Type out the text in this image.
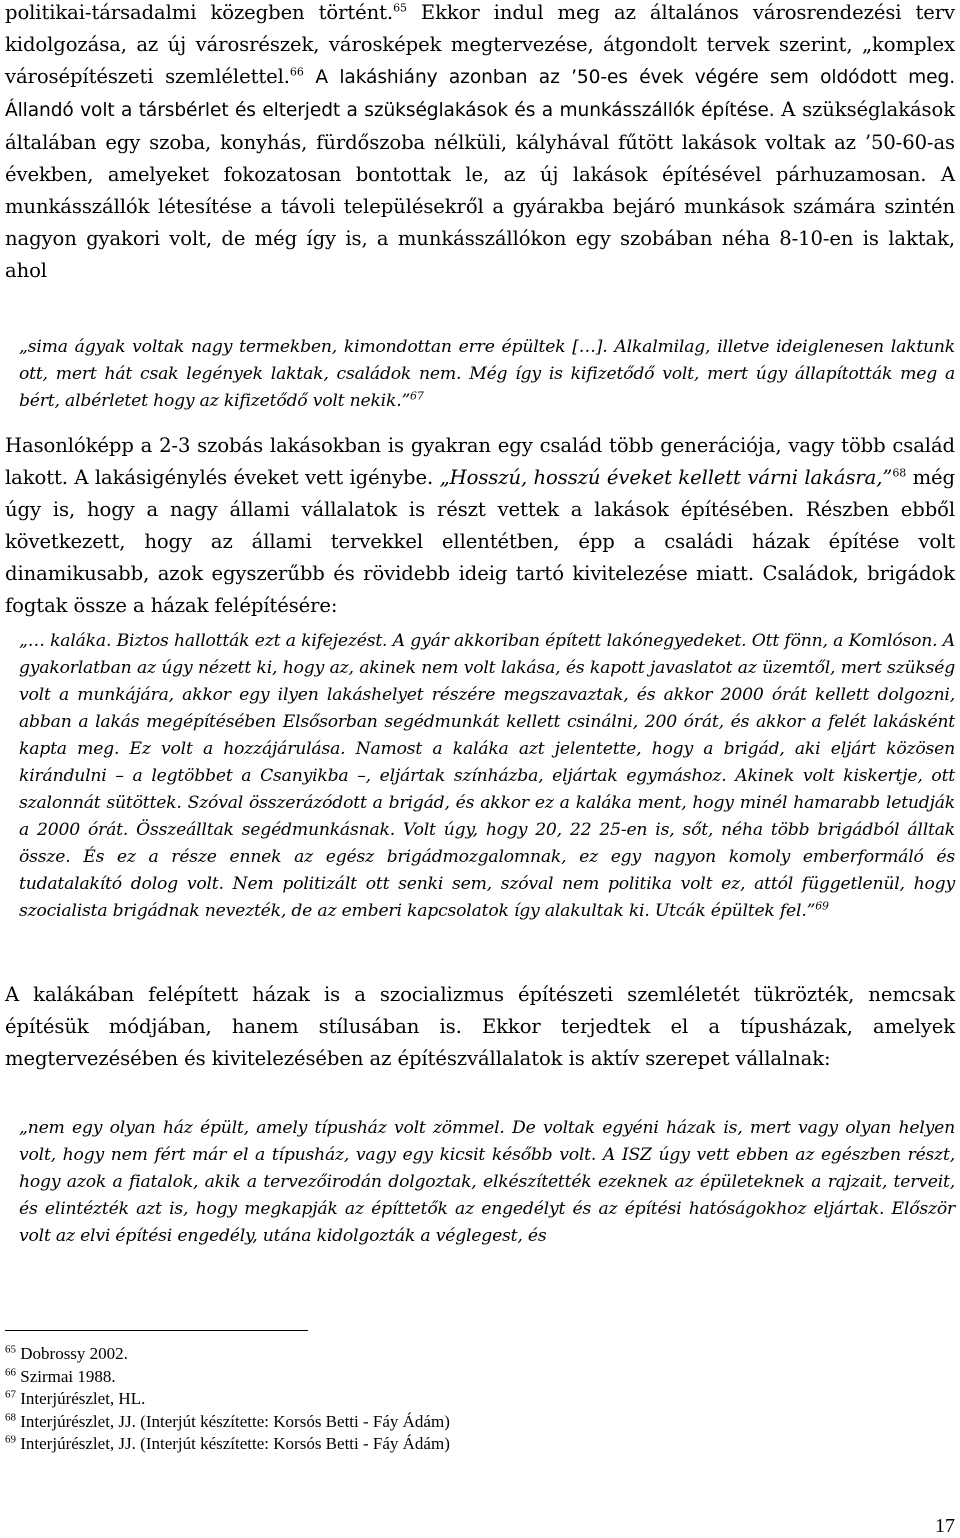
politikai-társadalmi közegben történt.$^{65}$ Ekkor indul meg az általános városrendezési terv kidolgozása, az új városrészek, városképek megtervezése, átgondolt tervek szerint, „komplex városépítészeti szemlélettel.$^{66}$ A lakáshiány azonban az ’50-es évek végére sem oldódott meg. Állandó volt a társbérlet és elterjedt a szükséglakások és a munkásszállók építése. A szükséglakások általában egy szoba, konyhás, fürdőszoba nélküli, kályhával fűtött lakások voltak az ’50-60-as években, amelyeket fokozatosan bontottak le, az új lakások építésével párhuzamosan. A munkásszállók létesítése a távoli településekről a gyárakba bejáró munkások számára szintén nagyon gyakori volt, de még így is, a munkásszállókon egy szobában néha 8-10-en is laktak, ahol

„sima ágyak voltak nagy termekben, kimondottan erre épültek […]. Alkalmilag, illetve ideiglenesen laktunk ott, mert hát csak legények laktak, családok nem. Még így is kifizetődő volt, mert úgy állapították meg a bért, albérletet hogy az kifizetődő volt nekik.”$^{67}$

Hasonlóképp a 2-3 szobás lakásokban is gyakran egy család több generációja, vagy több család lakott. A lakásigénylés éveket vett igénybe. „Hosszú, hosszú éveket kellett várni lakásra,”$^{68}$ még úgy is, hogy a nagy állami vállalatok is részt vettek a lakások építésében. Részben ebből következett, hogy az állami tervekkel ellentétben, épp a családi házak építése volt dinamikusabb, azok egyszerűbb és rövidebb ideig tartó kivitelezése miatt. Családok, brigádok fogtak össze a házak felépítésére:

„… kaláka. Biztos hallották ezt a kifejezést. A gyár akkoriban épített lakónegyedeket. Ott fönn, a Komlóson. A gyakorlatban az úgy nézett ki, hogy az, akinek nem volt lakása, és kapott javaslatot az üzemtől, mert szükség volt a munkájára, akkor egy ilyen lakáshelyet részére megszavaztak, és akkor 2000 órát kellett dolgozni, abban a lakás megépítésében Elsősorban segédmunkát kellett csinálni, 200 órát, és akkor a felét lakásként kapta meg. Ez volt a hozzájárulása. Namost a kaláka azt jelentette, hogy a brigád, aki eljárt közösen kirándulni – a legtöbbet a Csanyikba –, eljártak színházba, eljártak egymáshoz. Akinek volt kiskertje, ott szalonnát sütöttek. Szóval összerázódott a brigád, és akkor ez a kaláka ment, hogy minél hamarabb letudják a 2000 órát. Összeálltak segédmunkásnak. Volt úgy, hogy 20, 22 25-en is, sőt, néha több brigádból álltak össze. És ez a része ennek az egész brigádmozgalomnak, ez egy nagyon komoly emberformáló és tudatalakító dolog volt. Nem politizált ott senki sem, szóval nem politika volt ez, attól függetlenül, hogy szocialista brigádnak nevezték, de az emberi kapcsolatok így alakultak ki. Utcák épültek fel.”$^{69}$

A kalákában felépített házak is a szocializmus építészeti szemléletét tükrözték, nemcsak építésük módjában, hanem stílusában is. Ekkor terjedtek el a típusházak, amelyek megtervezésében és kivitelezésében az építészvállalatok is aktív szerepet vállalnak:

„nem egy olyan ház épült, amely típusház volt zömmel. De voltak egyéni házak is, mert vagy olyan helyen volt, hogy nem fért már el a típusház, vagy egy kicsit később volt. A ISZ úgy vett ebben az egészben részt, hogy azok a fiatalok, akik a tervezőirodán dolgoztak, elkészítették ezeknek az épületeknek a rajzait, terveit, és elintézték azt is, hogy megkapják az építtetők az engedélyt és az építési hatóságokhoz eljártak. Először volt az elvi építési engedély, utána kidolgozták a véglegest, és

$^{65}$ Dobrossy 2002.
$^{66}$ Szirmai 1988.
$^{67}$ Interjúrészlet, HL.
$^{68}$ Interjúrészlet, JJ. (Interjút készítette: Korsós Betti - Fáy Ádám)
$^{69}$ Interjúrészlet, JJ. (Interjút készítette: Korsós Betti - Fáy Ádám)
17
